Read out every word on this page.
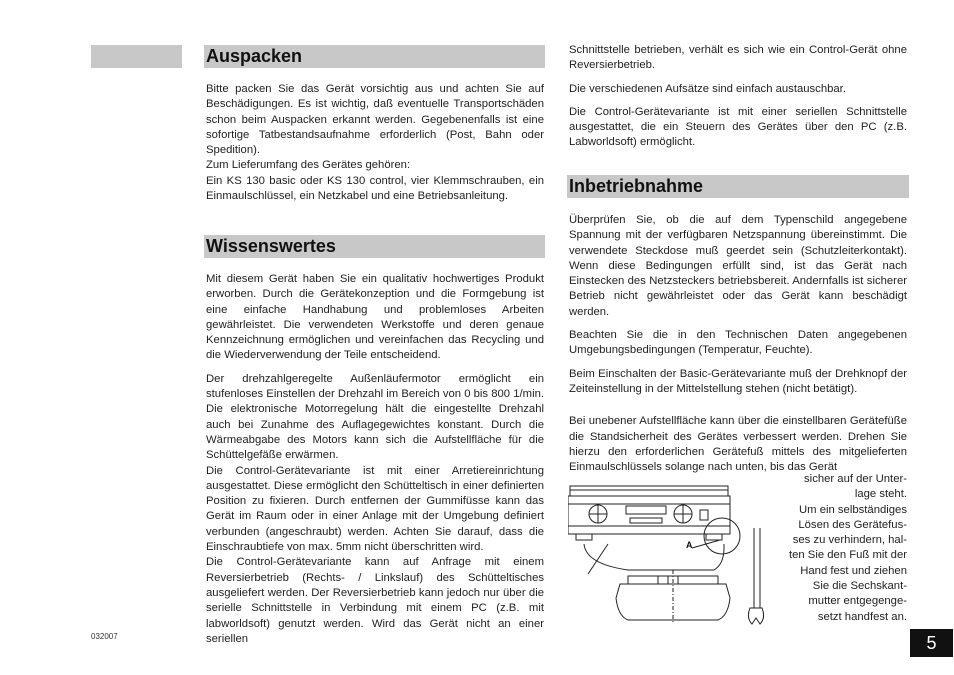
Auspacken

Bitte packen Sie das Gerät vorsichtig aus und achten Sie auf Beschädigungen. Es ist wichtig, daß eventuelle Transportschäden schon beim Auspacken erkannt werden. Gegebenenfalls ist eine sofortige Tatbestandsaufnahme erforderlich (Post, Bahn oder Spedition).

Zum Lieferumfang des Gerätes gehören:

Ein KS 130 basic oder KS 130 control, vier Klemmschrauben, ein Einmaulschlüssel, ein Netzkabel und eine Betriebsanleitung.

Wissenswertes

Mit diesem Gerät haben Sie ein qualitativ hochwertiges Produkt erworben. Durch die Gerätekonzeption und die Formgebung ist eine einfache Handhabung und problemloses Arbeiten gewährleistet. Die verwendeten Werkstoffe und deren genaue Kennzeichnung ermöglichen und vereinfachen das Recycling und die Wiederverwendung der Teile entscheidend.

Der drehzahlgeregelte Außenläufermotor ermöglicht ein stufenloses Einstellen der Drehzahl im Bereich von 0 bis 800 1/min. Die elektronische Motorregelung hält die eingestellte Drehzahl auch bei Zunahme des Auflagegewichtes konstant. Durch die Wärmeabgabe des Motors kann sich die Aufstellfläche für die Schüttelgefäße erwärmen.

Die Control-Gerätevariante ist mit einer Arretiereinrichtung ausgestattet. Diese ermöglicht den Schütteltisch in einer definierten Position zu fixieren. Durch entfernen der Gummifüsse kann das Gerät im Raum oder in einer Anlage mit der Umgebung definiert verbunden (angeschraubt) werden. Achten Sie darauf, dass die Einschraubtiefe von max. 5mm nicht überschritten wird.

Die Control-Gerätevariante kann auf Anfrage mit einem Reversierbetrieb (Rechts- / Linkslauf) des Schütteltisches ausgeliefert werden. Der Reversierbetrieb kann jedoch nur über die serielle Schnittstelle in Verbindung mit einem PC (z.B. mit labworldsoft) genutzt werden. Wird das Gerät nicht an einer seriellen

Schnittstelle betrieben, verhält es sich wie ein Control-Gerät ohne Reversierbetrieb.

Die verschiedenen Aufsätze sind einfach austauschbar.

Die Control-Gerätevariante ist mit einer seriellen Schnittstelle ausgestattet, die ein Steuern des Gerätes über den PC (z.B. Labworldsoft) ermöglicht.

Inbetriebnahme

Überprüfen Sie, ob die auf dem Typenschild angegebene Spannung mit der verfügbaren Netzspannung übereinstimmt. Die verwendete Steckdose muß geerdet sein (Schutzleiterkontakt). Wenn diese Bedingungen erfüllt sind, ist das Gerät nach Einstecken des Netzsteckers betriebsbereit. Andernfalls ist sicherer Betrieb nicht gewährleistet oder das Gerät kann beschädigt werden.

Beachten Sie die in den Technischen Daten angegebenen Umgebungsbedingungen (Temperatur, Feuchte).

Beim Einschalten der Basic-Gerätevariante muß der Drehknopf der Zeiteinstellung in der Mittelstellung stehen (nicht betätigt).

Bei unebener Aufstellfläche kann über die einstellbaren Gerätefüße die Standsicherheit des Gerätes verbessert werden. Drehen Sie hierzu den erforderlichen Gerätefuß mittels des mitgelieferten Einmaulschlüssels solange nach unten, bis das Gerät

sicher auf der Unter-
lage steht.
Um ein selbständiges
Lösen des Gerätefus-
ses zu verhindern, hal-
ten Sie den Fuß mit der
Hand fest und ziehen
Sie die Sechskant-
mutter entgegenge-
setzt handfest an.
A
032007	5
